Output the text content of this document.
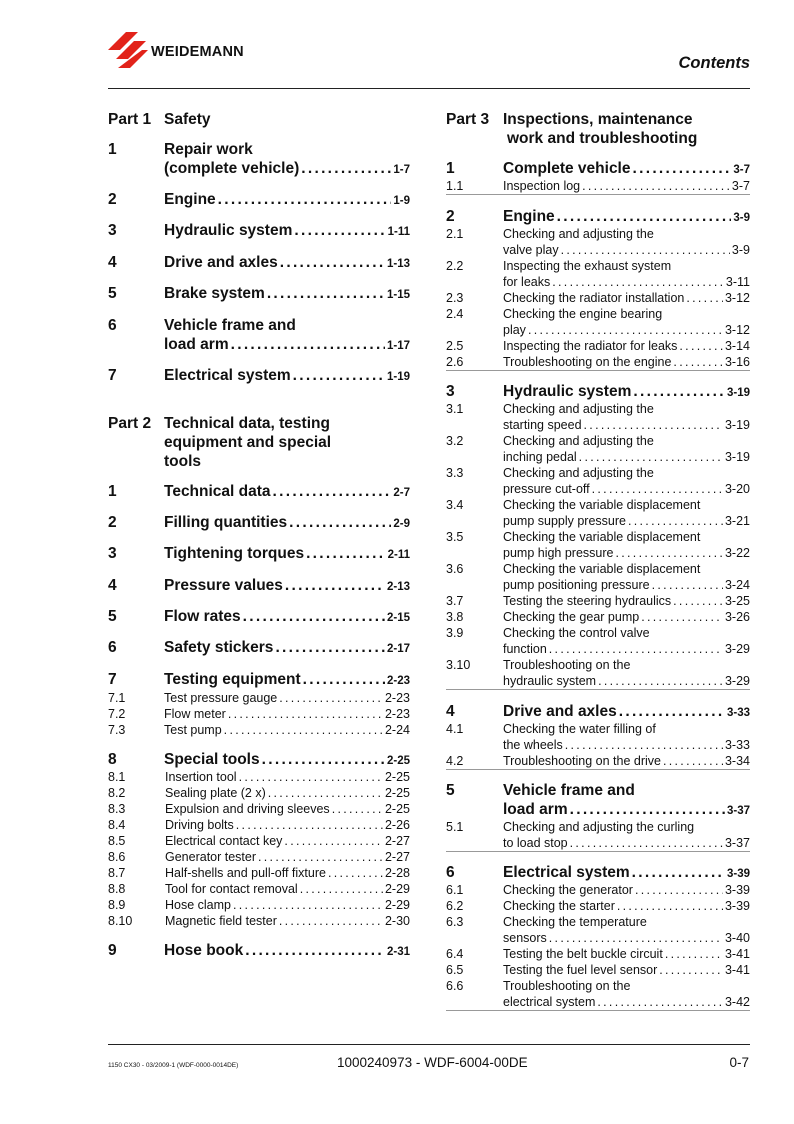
WEIDEMANN
Contents
Part 1 Safety
1	Repair work
(complete vehicle) .....	1-7
2	Engine .....	1-9
3	Hydraulic system .....	1-11
4	Drive and axles .....	1-13
5	Brake system .....	1-15
6	Vehicle frame and
load arm .....	1-17
7	Electrical system .....	1-19
Part 2 Technical data, testing
equipment and special
tools
1	Technical data .....	2-7
2	Filling quantities .....	2-9
3	Tightening torques .....	2-11
4	Pressure values .....	2-13
5	Flow rates .....	2-15
6	Safety stickers .....	2-17
7	Testing equipment .....	2-23
7.1	Test pressure gauge .....	2-23
7.2	Flow meter .....	2-23
7.3	Test pump .....	2-24
8	Special tools .....	2-25
8.1	Insertion tool .....	2-25
8.2	Sealing plate (2 x) .....	2-25
8.3	Expulsion and driving sleeves .....	2-25
8.4	Driving bolts .....	2-26
8.5	Electrical contact key .....	2-27
8.6	Generator tester .....	2-27
8.7	Half-shells and pull-off fixture .....	2-28
8.8	Tool for contact removal .....	2-29
8.9	Hose clamp .....	2-29
8.10	Magnetic field tester .....	2-30
9	Hose book .....	2-31
Part 3 Inspections, maintenance
work and troubleshooting
1	Complete vehicle .....	3-7
1.1	Inspection log .....	3-7
2	Engine .....	3-9
2.1	Checking and adjusting the
valve play .....	3-9
2.2	Inspecting the exhaust system
for leaks .....	3-11
2.3	Checking the radiator installation .....	3-12
2.4	Checking the engine bearing
play .....	3-12
2.5	Inspecting the radiator for leaks .....	3-14
2.6	Troubleshooting on the engine .....	3-16
3	Hydraulic system .....	3-19
3.1	Checking and adjusting the
starting speed .....	3-19
3.2	Checking and adjusting the
inching pedal .....	3-19
3.3	Checking and adjusting the
pressure cut-off .....	3-20
3.4	Checking the variable displacement
pump supply pressure .....	3-21
3.5	Checking the variable displacement
pump high pressure .....	3-22
3.6	Checking the variable displacement
pump positioning pressure .....	3-24
3.7	Testing the steering hydraulics .....	3-25
3.8	Checking the gear pump .....	3-26
3.9	Checking the control valve
function .....	3-29
3.10	Troubleshooting on the
hydraulic system .....	3-29
4	Drive and axles .....	3-33
4.1	Checking the water filling of
the wheels .....	3-33
4.2	Troubleshooting on the drive .....	3-34
5	Vehicle frame and
load arm .....	3-37
5.1	Checking and adjusting the curling
to load stop .....	3-37
6	Electrical system .....	3-39
6.1	Checking the generator .....	3-39
6.2	Checking the starter .....	3-39
6.3	Checking the temperature
sensors .....	3-40
6.4	Testing the belt buckle circuit .....	3-41
6.5	Testing the fuel level sensor .....	3-41
6.6	Troubleshooting on the
electrical system .....	3-42
1150 CX30 - 03/2009-1 (WDF-0000-0014DE)	1000240973 - WDF-6004-00DE	0-7
